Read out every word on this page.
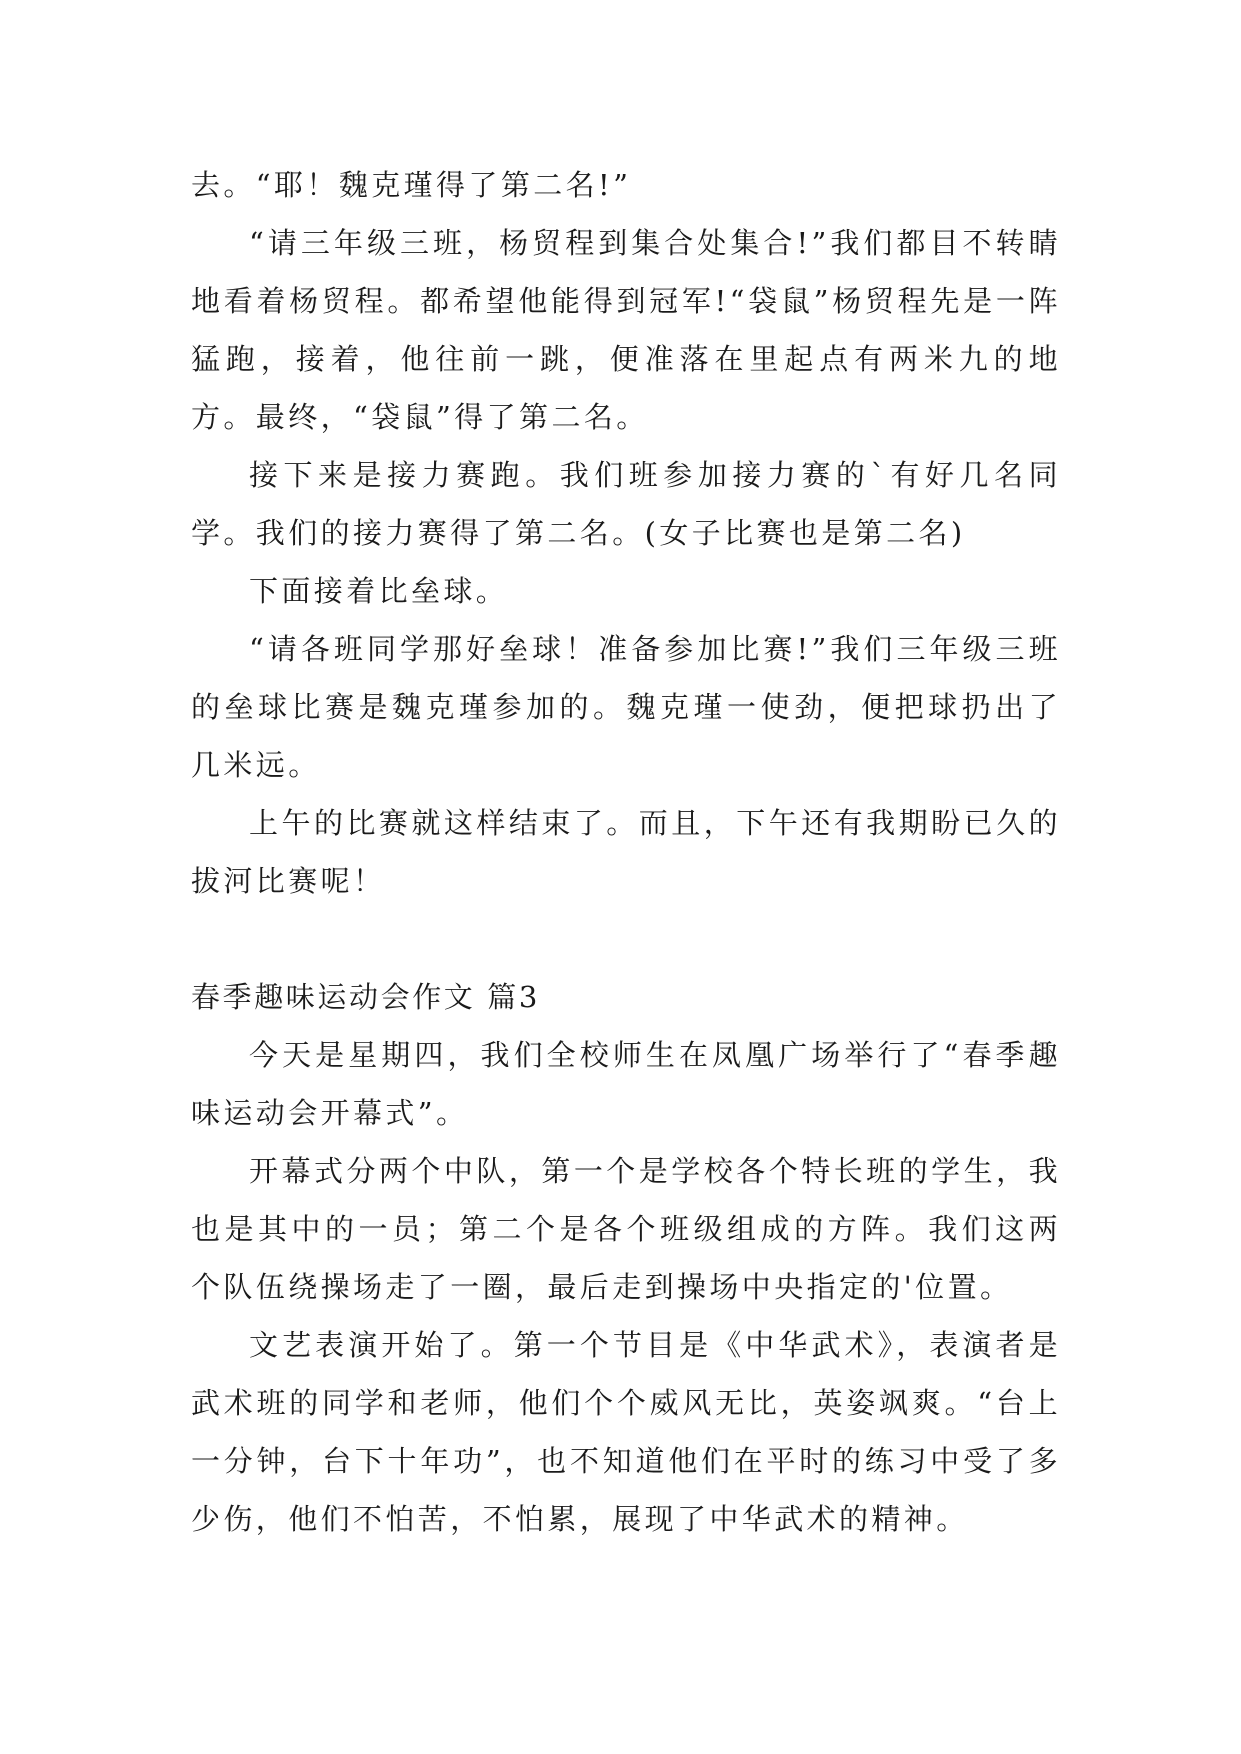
去。“耶！魏克瑾得了第二名!”

“请三年级三班，杨贸程到集合处集合!”我们都目不转睛地看着杨贸程。都希望他能得到冠军!“袋鼠”杨贸程先是一阵猛跑，接着，他往前一跳，便准落在里起点有两米九的地方。最终，“袋鼠”得了第二名。

接下来是接力赛跑。我们班参加接力赛的`有好几名同学。我们的接力赛得了第二名。(女子比赛也是第二名)

下面接着比垒球。

“请各班同学那好垒球！准备参加比赛!”我们三年级三班的垒球比赛是魏克瑾参加的。魏克瑾一使劲，便把球扔出了几米远。

上午的比赛就这样结束了。而且，下午还有我期盼已久的拔河比赛呢！

春季趣味运动会作文 篇3

今天是星期四，我们全校师生在凤凰广场举行了“春季趣味运动会开幕式”。

开幕式分两个中队，第一个是学校各个特长班的学生，我也是其中的一员；第二个是各个班级组成的方阵。我们这两个队伍绕操场走了一圈，最后走到操场中央指定的'位置。

文艺表演开始了。第一个节目是《中华武术》，表演者是武术班的同学和老师，他们个个威风无比，英姿飒爽。“台上一分钟，台下十年功”，也不知道他们在平时的练习中受了多少伤，他们不怕苦，不怕累，展现了中华武术的精神。
